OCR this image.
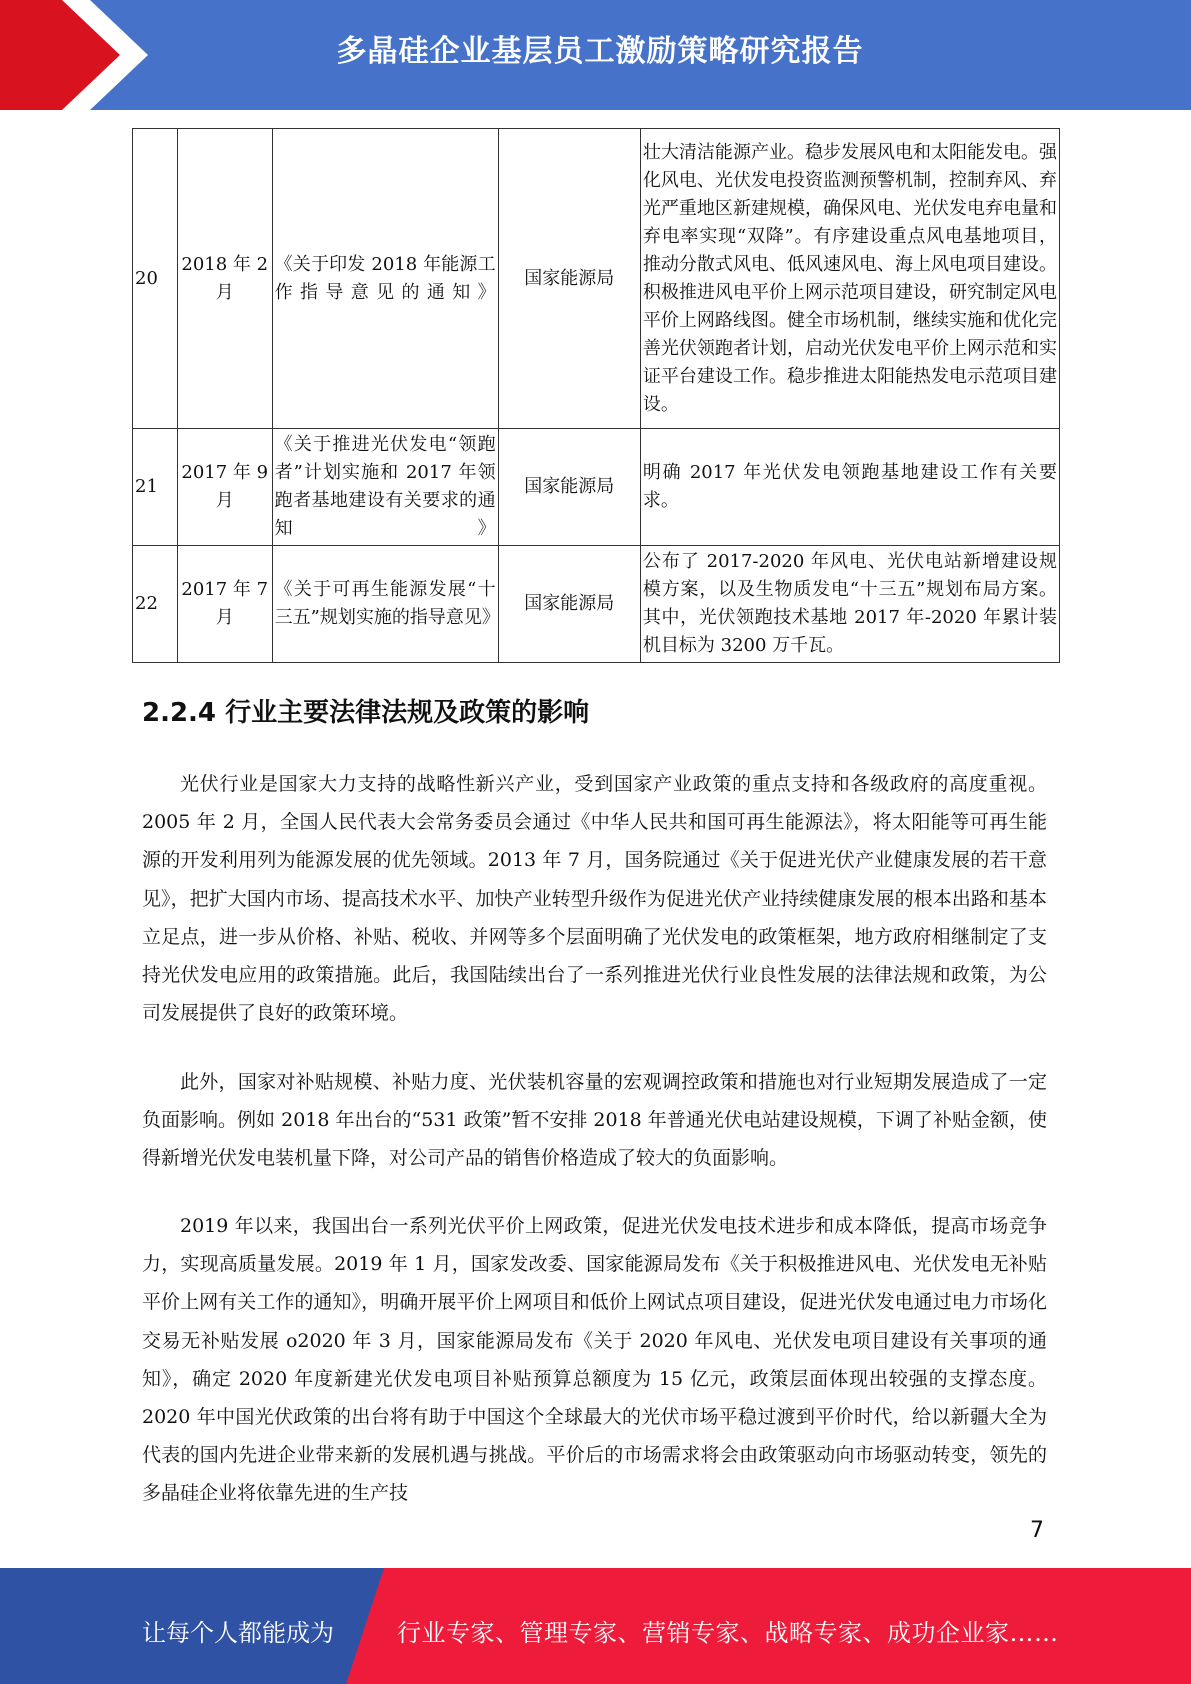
多晶硅企业基层员工激励策略研究报告
20	2018 年 2 月	《关于印发 2018 年能源工作指导意见的通知》	国家能源局	壮大清洁能源产业。稳步发展风电和太阳能发电。强化风电、光伏发电投资监测预警机制，控制弃风、弃光严重地区新建规模，确保风电、光伏发电弃电量和弃电率实现“双降”。有序建设重点风电基地项目，推动分散式风电、低风速风电、海上风电项目建设。积极推进风电平价上网示范项目建设，研究制定风电平价上网路线图。健全市场机制，继续实施和优化完善光伏领跑者计划，启动光伏发电平价上网示范和实证平台建设工作。稳步推进太阳能热发电示范项目建设。
21	2017 年 9 月	《关于推进光伏发电“领跑者”计划实施和 2017 年领跑者基地建设有关要求的通知》	国家能源局	明确 2017 年光伏发电领跑基地建设工作有关要求。
22	2017 年 7 月	《关于可再生能源发展“十三五”规划实施的指导意见》	国家能源局	公布了 2017-2020 年风电、光伏电站新增建设规模方案，以及生物质发电“十三五”规划布局方案。其中，光伏领跑技术基地 2017 年-2020 年累计装机目标为 3200 万千瓦。
2.2.4 行业主要法律法规及政策的影响

光伏行业是国家大力支持的战略性新兴产业，受到国家产业政策的重点支持和各级政府的高度重视。2005 年 2 月，全国人民代表大会常务委员会通过《中华人民共和国可再生能源法》，将太阳能等可再生能源的开发利用列为能源发展的优先领域。2013 年 7 月，国务院通过《关于促进光伏产业健康发展的若干意见》，把扩大国内市场、提高技术水平、加快产业转型升级作为促进光伏产业持续健康发展的根本出路和基本立足点，进一步从价格、补贴、税收、并网等多个层面明确了光伏发电的政策框架，地方政府相继制定了支持光伏发电应用的政策措施。此后，我国陆续出台了一系列推进光伏行业良性发展的法律法规和政策，为公司发展提供了良好的政策环境。

此外，国家对补贴规模、补贴力度、光伏装机容量的宏观调控政策和措施也对行业短期发展造成了一定负面影响。例如 2018 年出台的“531 政策”暂不安排 2018 年普通光伏电站建设规模，下调了补贴金额，使得新增光伏发电装机量下降，对公司产品的销售价格造成了较大的负面影响。

2019 年以来，我国出台一系列光伏平价上网政策，促进光伏发电技术进步和成本降低，提高市场竞争力，实现高质量发展。2019 年 1 月，国家发改委、国家能源局发布《关于积极推进风电、光伏发电无补贴平价上网有关工作的通知》，明确开展平价上网项目和低价上网试点项目建设，促进光伏发电通过电力市场化交易无补贴发展 o2020 年 3 月，国家能源局发布《关于 2020 年风电、光伏发电项目建设有关事项的通知》，确定 2020 年度新建光伏发电项目补贴预算总额度为 15 亿元，政策层面体现出较强的支撑态度。2020 年中国光伏政策的出台将有助于中国这个全球最大的光伏市场平稳过渡到平价时代，给以新疆大全为代表的国内先进企业带来新的发展机遇与挑战。平价后的市场需求将会由政策驱动向市场驱动转变，领先的多晶硅企业将依靠先进的生产技

7
让每个人都能成为	行业专家、管理专家、营销专家、战略专家、成功企业家……
